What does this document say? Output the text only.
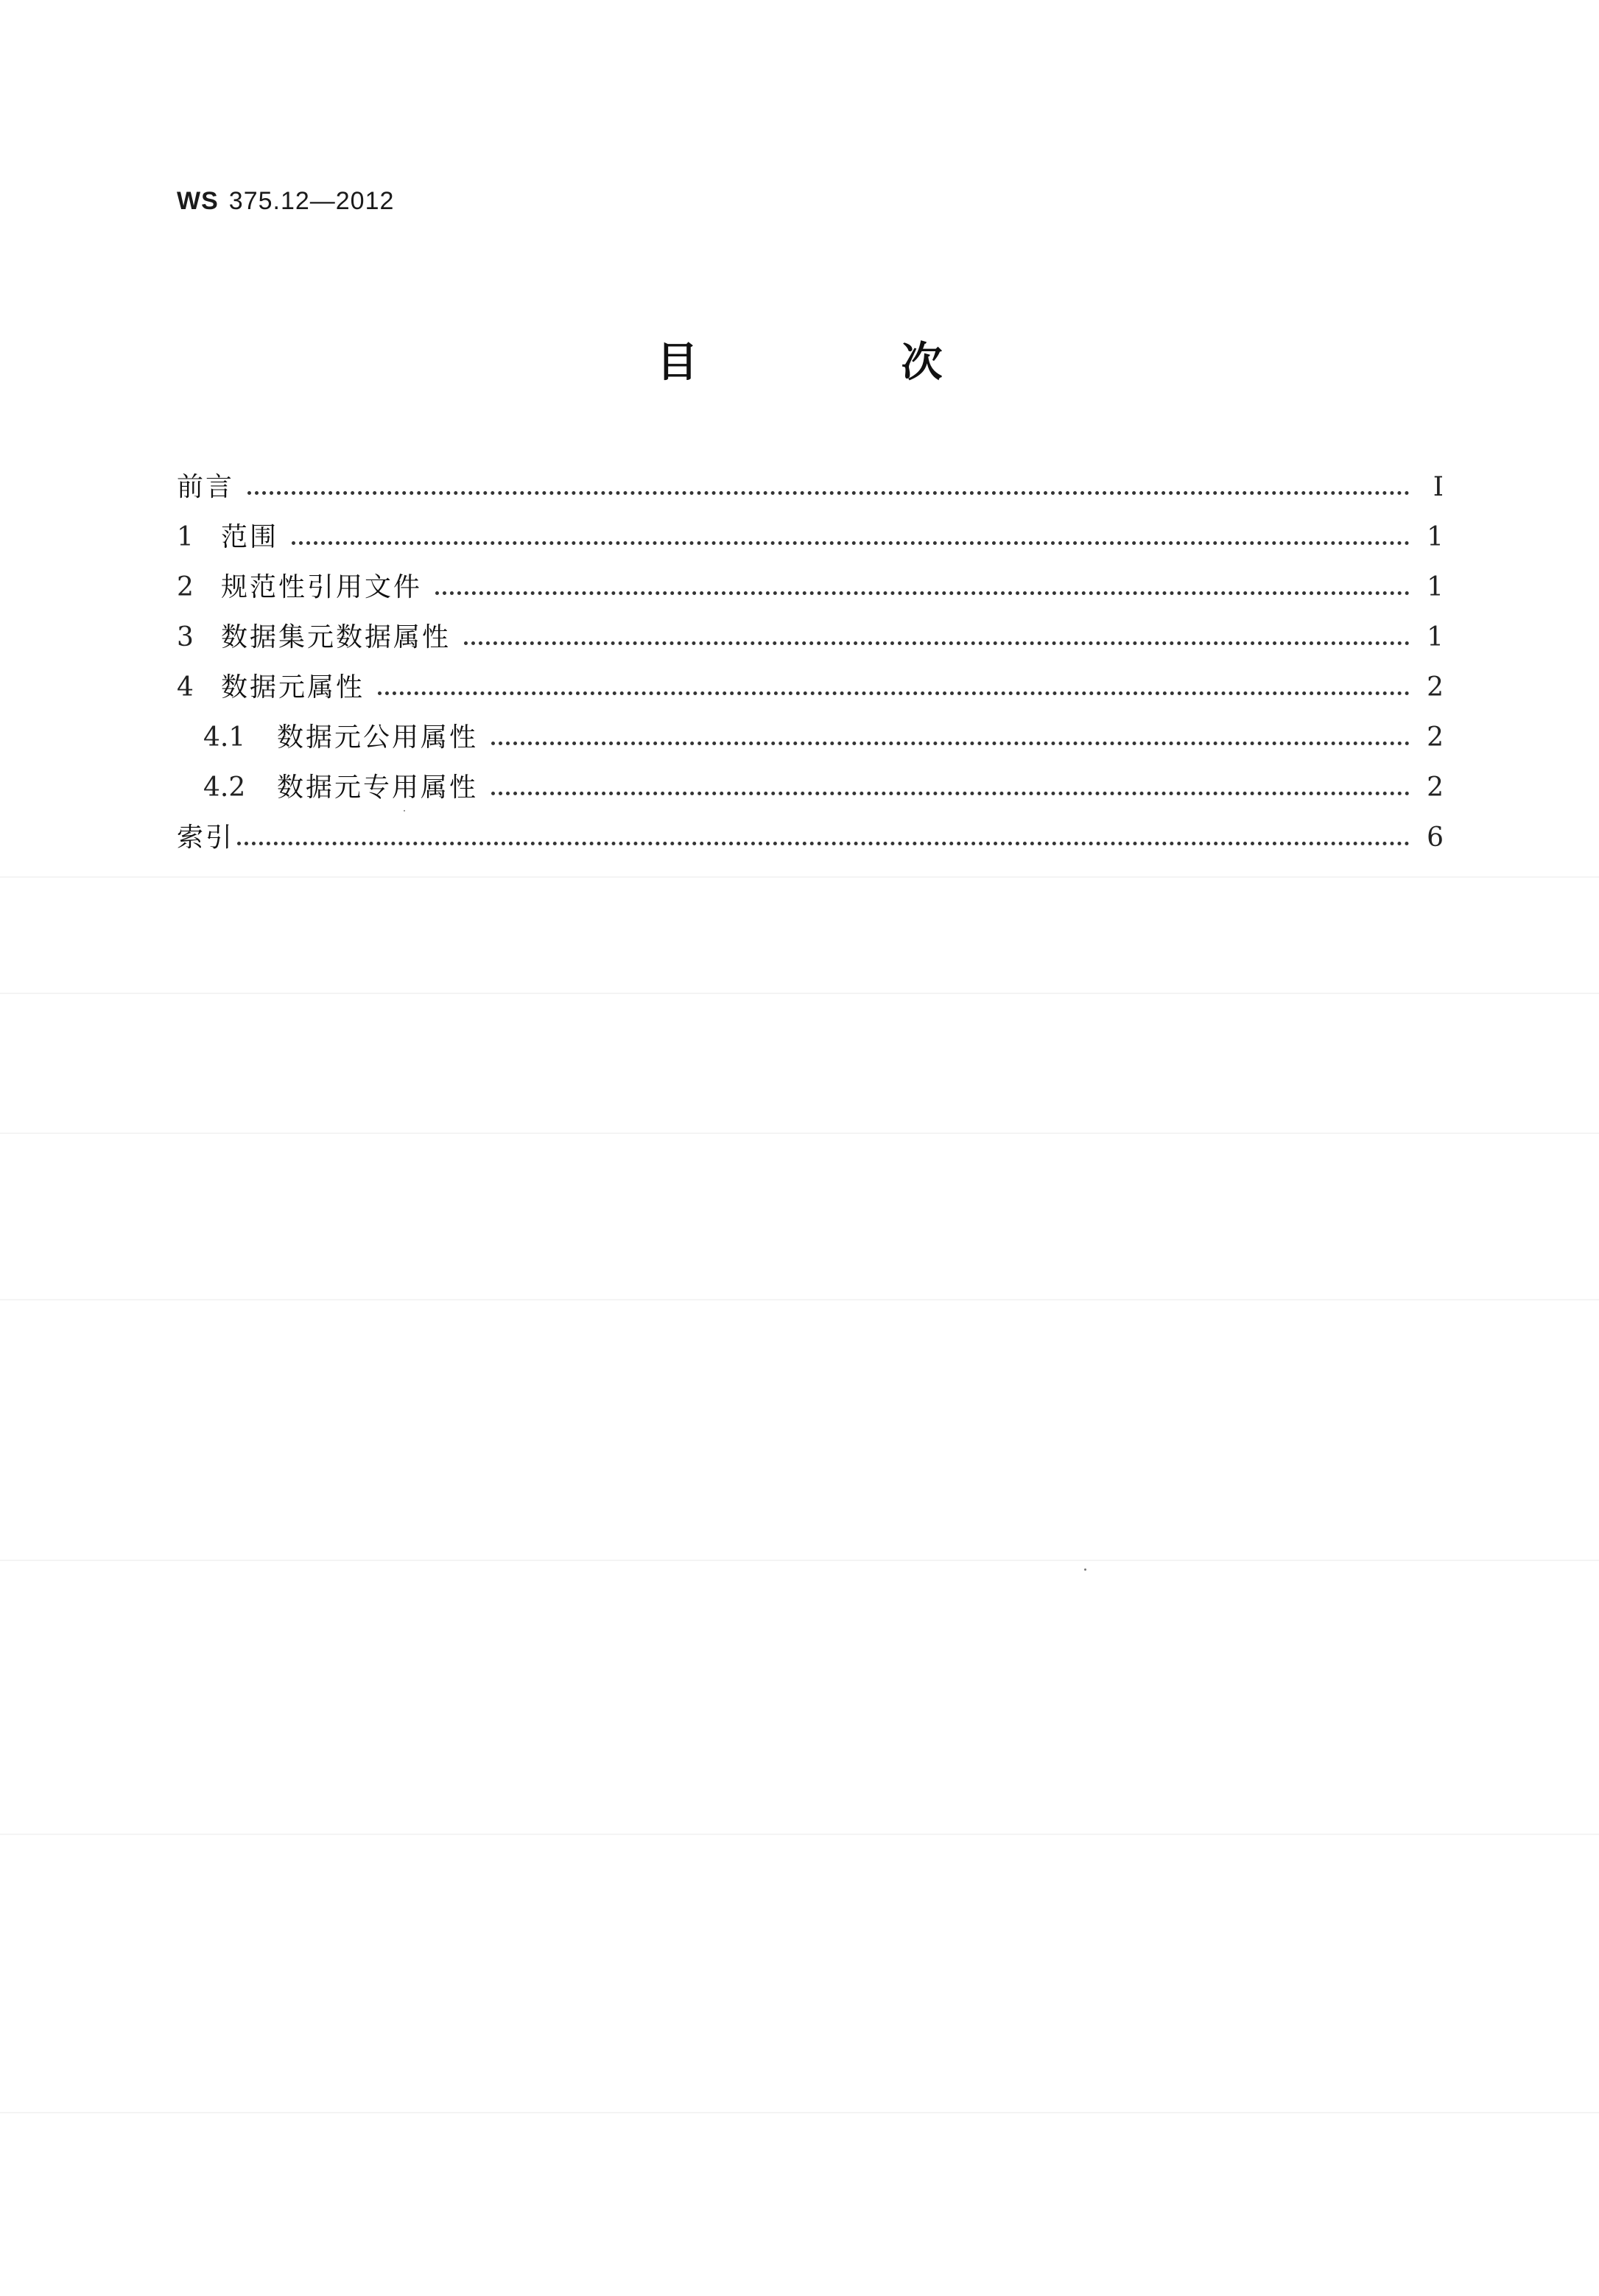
WS 375.12—2012
目　次
前言	Ⅰ
1	范围	1
2	规范性引用文件	1
3	数据集元数据属性	1
4	数据元属性	2
4.1	数据元公用属性	2
4.2	数据元专用属性	2
索引	6
